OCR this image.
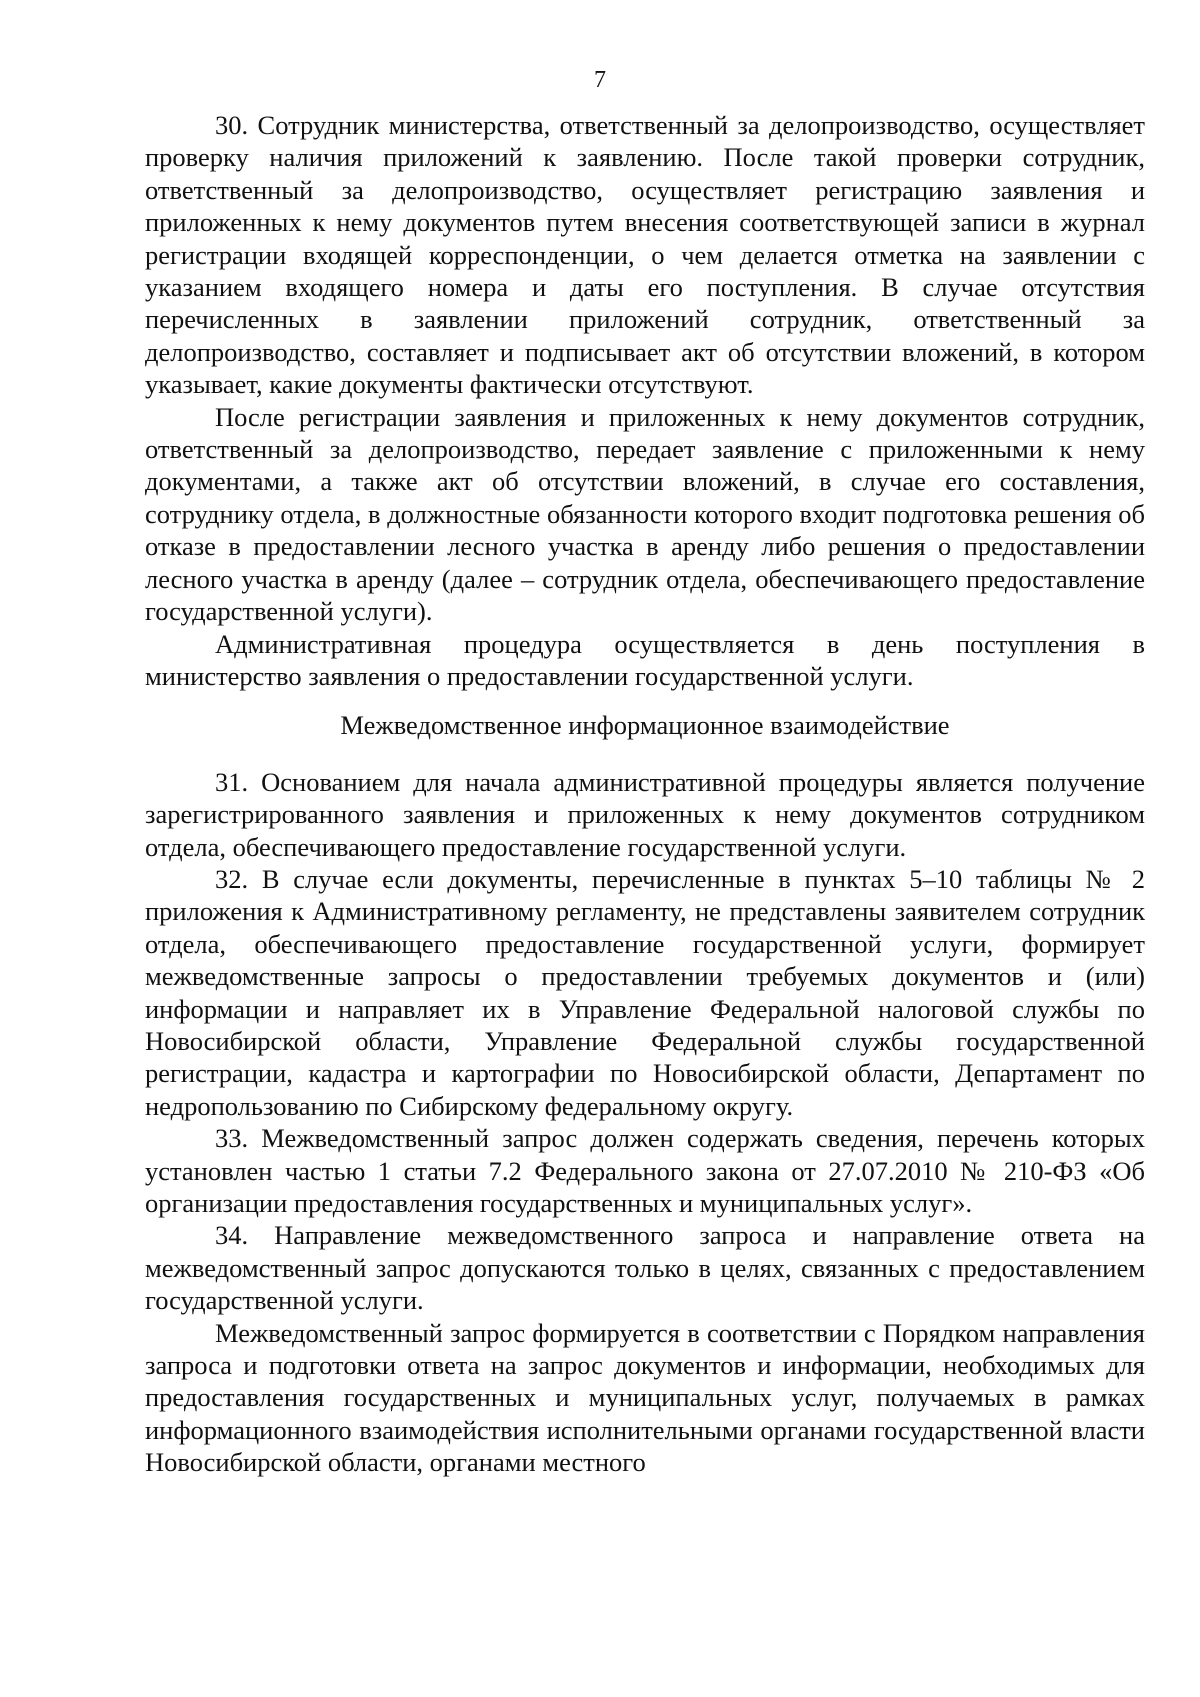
7

30. Сотрудник министерства, ответственный за делопроизводство, осуществляет проверку наличия приложений к заявлению. После такой проверки сотрудник, ответственный за делопроизводство, осуществляет регистрацию заявления и приложенных к нему документов путем внесения соответствующей записи в журнал регистрации входящей корреспонденции, о чем делается отметка на заявлении с указанием входящего номера и даты его поступления. В случае отсутствия перечисленных в заявлении приложений сотрудник, ответственный за делопроизводство, составляет и подписывает акт об отсутствии вложений, в котором указывает, какие документы фактически отсутствуют.

После регистрации заявления и приложенных к нему документов сотрудник, ответственный за делопроизводство, передает заявление с приложенными к нему документами, а также акт об отсутствии вложений, в случае его составления, сотруднику отдела, в должностные обязанности которого входит подготовка решения об отказе в предоставлении лесного участка в аренду либо решения о предоставлении лесного участка в аренду (далее – сотрудник отдела, обеспечивающего предоставление государственной услуги).

Административная процедура осуществляется в день поступления в министерство заявления о предоставлении государственной услуги.

Межведомственное информационное взаимодействие

31. Основанием для начала административной процедуры является получение зарегистрированного заявления и приложенных к нему документов сотрудником отдела, обеспечивающего предоставление государственной услуги.

32. В случае если документы, перечисленные в пунктах 5–10 таблицы № 2 приложения к Административному регламенту, не представлены заявителем сотрудник отдела, обеспечивающего предоставление государственной услуги, формирует межведомственные запросы о предоставлении требуемых документов и (или) информации и направляет их в Управление Федеральной налоговой службы по Новосибирской области, Управление Федеральной службы государственной регистрации, кадастра и картографии по Новосибирской области, Департамент по недропользованию по Сибирскому федеральному округу.

33. Межведомственный запрос должен содержать сведения, перечень которых установлен частью 1 статьи 7.2 Федерального закона от 27.07.2010 № 210-ФЗ «Об организации предоставления государственных и муниципальных услуг».

34. Направление межведомственного запроса и направление ответа на межведомственный запрос допускаются только в целях, связанных с предоставлением государственной услуги.

Межведомственный запрос формируется в соответствии с Порядком направления запроса и подготовки ответа на запрос документов и информации, необходимых для предоставления государственных и муниципальных услуг, получаемых в рамках информационного взаимодействия исполнительными органами государственной власти Новосибирской области, органами местного
